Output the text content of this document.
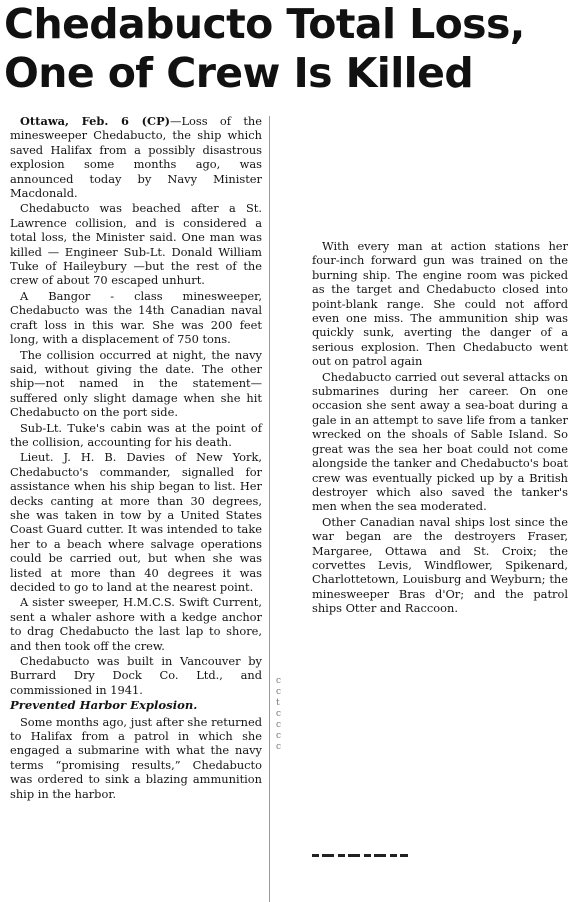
Chedabucto Total Loss,
One of Crew Is Killed

Ottawa, Feb. 6 (CP)—Loss of the minesweeper Chedabucto, the ship which saved Halifax from a possibly disastrous explosion some months ago, was announced today by Navy Minister Macdonald.

Chedabucto was beached after a St. Lawrence collision, and is considered a total loss, the Minister said. One man was killed — Engineer Sub-Lt. Donald William Tuke of Haileybury —but the rest of the crew of about 70 escaped unhurt.

A Bangor - class minesweeper, Chedabucto was the 14th Canadian naval craft loss in this war. She was 200 feet long, with a displacement of 750 tons.

The collision occurred at night, the navy said, without giving the date. The other ship—not named in the statement—suffered only slight damage when she hit Chedabucto on the port side.

Sub-Lt. Tuke's cabin was at the point of the collision, accounting for his death.

Lieut. J. H. B. Davies of New York, Chedabucto's commander, signalled for assistance when his ship began to list. Her decks canting at more than 30 degrees, she was taken in tow by a United States Coast Guard cutter. It was intended to take her to a beach where salvage operations could be carried out, but when she was listed at more than 40 degrees it was decided to go to land at the nearest point.

A sister sweeper, H.M.C.S. Swift Current, sent a whaler ashore with a kedge anchor to drag Chedabucto the last lap to shore, and then took off the crew.

Chedabucto was built in Vancouver by Burrard Dry Dock Co. Ltd., and commissioned in 1941.

Prevented Harbor Explosion.

Some months ago, just after she returned to Halifax from a patrol in which she engaged a submarine with what the navy terms “promising results,” Chedabucto was ordered to sink a blazing ammunition ship in the harbor.

c
c
t
c
c
c
c

With every man at action stations her four-inch forward gun was trained on the burning ship. The engine room was picked as the target and Chedabucto closed into point-blank range. She could not afford even one miss. The ammunition ship was quickly sunk, averting the danger of a serious explosion. Then Chedabucto went out on patrol again

Chedabucto carried out several attacks on submarines during her career. On one occasion she sent away a sea-boat during a gale in an attempt to save life from a tanker wrecked on the shoals of Sable Island. So great was the sea her boat could not come alongside the tanker and Chedabucto's boat crew was eventually picked up by a British destroyer which also saved the tanker's men when the sea moderated.

Other Canadian naval ships lost since the war began are the destroyers Fraser, Margaree, Ottawa and St. Croix; the corvettes Levis, Windflower, Spikenard, Charlottetown, Louisburg and Weyburn; the minesweeper Bras d'Or; and the patrol ships Otter and Raccoon.
